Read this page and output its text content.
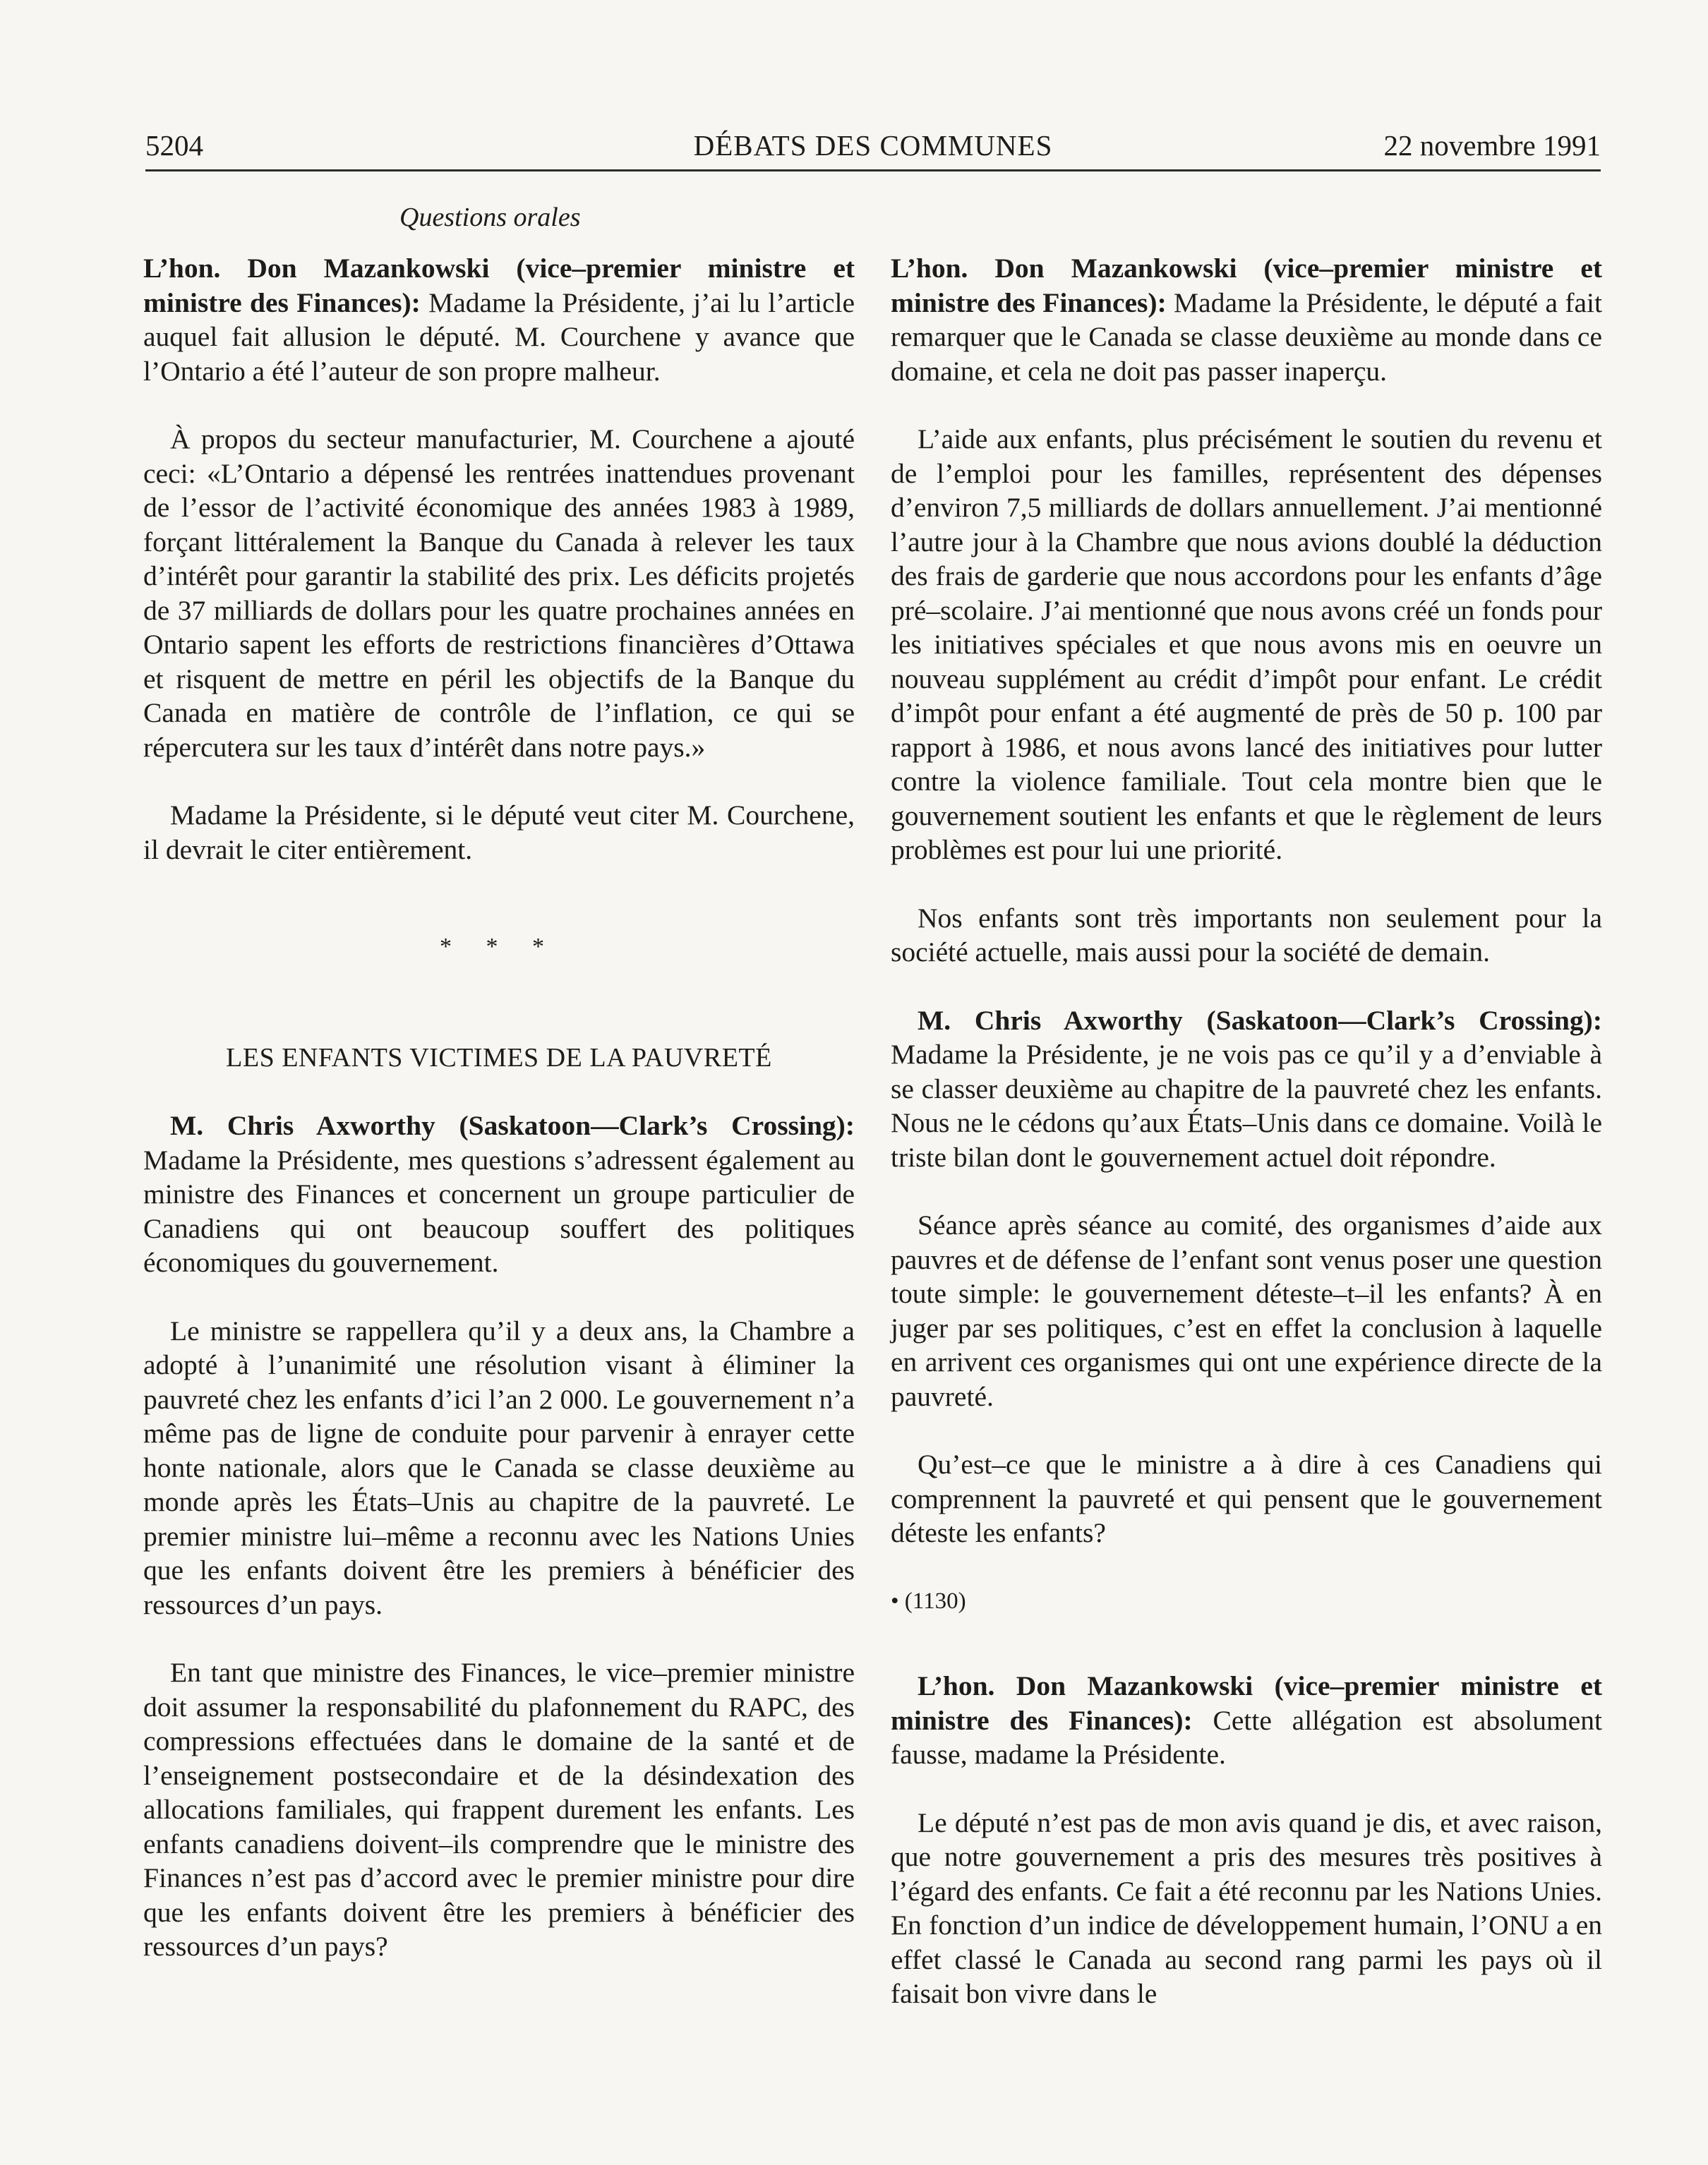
5204	DÉBATS DES COMMUNES	22 novembre 1991
Questions orales

L’hon. Don Mazankowski (vice–premier ministre et ministre des Finances): Madame la Présidente, j’ai lu l’article auquel fait allusion le député. M. Courchene y avance que l’Ontario a été l’auteur de son propre malheur.

À propos du secteur manufacturier, M. Courchene a ajouté ceci: «L’Ontario a dépensé les rentrées inattendues provenant de l’essor de l’activité économique des années 1983 à 1989, forçant littéralement la Banque du Canada à relever les taux d’intérêt pour garantir la stabilité des prix. Les déficits projetés de 37 milliards de dollars pour les quatre prochaines années en Ontario sapent les efforts de restrictions financières d’Ottawa et risquent de mettre en péril les objectifs de la Banque du Canada en matière de contrôle de l’inflation, ce qui se répercutera sur les taux d’intérêt dans notre pays.»

Madame la Présidente, si le député veut citer M. Courchene, il devrait le citer entièrement.

* * *
LES ENFANTS VICTIMES DE LA PAUVRETÉ

M. Chris Axworthy (Saskatoon—Clark’s Crossing): Madame la Présidente, mes questions s’adressent également au ministre des Finances et concernent un groupe particulier de Canadiens qui ont beaucoup souffert des politiques économiques du gouvernement.

Le ministre se rappellera qu’il y a deux ans, la Chambre a adopté à l’unanimité une résolution visant à éliminer la pauvreté chez les enfants d’ici l’an 2 000. Le gouvernement n’a même pas de ligne de conduite pour parvenir à enrayer cette honte nationale, alors que le Canada se classe deuxième au monde après les États–Unis au chapitre de la pauvreté. Le premier ministre lui–même a reconnu avec les Nations Unies que les enfants doivent être les premiers à bénéficier des ressources d’un pays.

En tant que ministre des Finances, le vice–premier ministre doit assumer la responsabilité du plafonnement du RAPC, des compressions effectuées dans le domaine de la santé et de l’enseignement postsecondaire et de la désindexation des allocations familiales, qui frappent durement les enfants. Les enfants canadiens doivent–ils comprendre que le ministre des Finances n’est pas d’accord avec le premier ministre pour dire que les enfants doivent être les premiers à bénéficier des ressources d’un pays?

L’hon. Don Mazankowski (vice–premier ministre et ministre des Finances): Madame la Présidente, le député a fait remarquer que le Canada se classe deuxième au monde dans ce domaine, et cela ne doit pas passer inaperçu.

L’aide aux enfants, plus précisément le soutien du revenu et de l’emploi pour les familles, représentent des dépenses d’environ 7,5 milliards de dollars annuellement. J’ai mentionné l’autre jour à la Chambre que nous avions doublé la déduction des frais de garderie que nous accordons pour les enfants d’âge pré–scolaire. J’ai mentionné que nous avons créé un fonds pour les initiatives spéciales et que nous avons mis en oeuvre un nouveau supplément au crédit d’impôt pour enfant. Le crédit d’impôt pour enfant a été augmenté de près de 50 p. 100 par rapport à 1986, et nous avons lancé des initiatives pour lutter contre la violence familiale. Tout cela montre bien que le gouvernement soutient les enfants et que le règlement de leurs problèmes est pour lui une priorité.

Nos enfants sont très importants non seulement pour la société actuelle, mais aussi pour la société de demain.

M. Chris Axworthy (Saskatoon—Clark’s Crossing): Madame la Présidente, je ne vois pas ce qu’il y a d’enviable à se classer deuxième au chapitre de la pauvreté chez les enfants. Nous ne le cédons qu’aux États–Unis dans ce domaine. Voilà le triste bilan dont le gouvernement actuel doit répondre.

Séance après séance au comité, des organismes d’aide aux pauvres et de défense de l’enfant sont venus poser une question toute simple: le gouvernement déteste–t–il les enfants? À en juger par ses politiques, c’est en effet la conclusion à laquelle en arrivent ces organismes qui ont une expérience directe de la pauvreté.

Qu’est–ce que le ministre a à dire à ces Canadiens qui comprennent la pauvreté et qui pensent que le gouvernement déteste les enfants?

• (1130)

L’hon. Don Mazankowski (vice–premier ministre et ministre des Finances): Cette allégation est absolument fausse, madame la Présidente.

Le député n’est pas de mon avis quand je dis, et avec raison, que notre gouvernement a pris des mesures très positives à l’égard des enfants. Ce fait a été reconnu par les Nations Unies. En fonction d’un indice de développement humain, l’ONU a en effet classé le Canada au second rang parmi les pays où il faisait bon vivre dans le
